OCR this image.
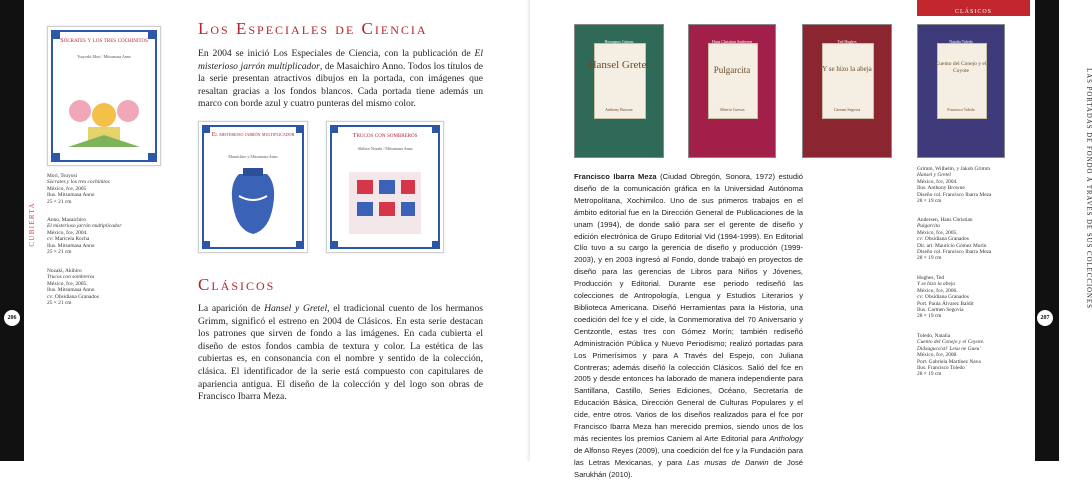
206	HISTORIA DE LA CUBIERTA
Sócrates y los tres cochinitos
Tsuyoshi Mori / Mitsumasa Anno
Mori, Tsuyosi
Sócrates y los tres cochinitos
México, fce, 2005
Ilus. Mitsumasa Anno
25 × 21 cm
Anno, Masaichiro
El misterioso jarrón multiplicador
México, fce, 2004.
cv: Maricela Rocha
Ilus. Mitsumasa Anno
25 × 21 cm
Nozaki, Akihiro
Trucos con sombreros
México, fce, 2005.
Ilus. Mitsumasa Anno
cv: Obsidiana Granados
25 × 21 cm
Los Especiales de Ciencia
En 2004 se inició Los Especiales de Ciencia, con la publicación de El misterioso jarrón multiplicador, de Masaichiro Anno. Todos los títulos de la serie presentan atractivos dibujos en la portada, con imágenes que resaltan gracias a los fondos blancos. Cada portada tiene además un marco con borde azul y cuatro punteras del mismo color.
El misterioso jarrón multiplicador
Masaichiro y Mitsumasa Anno
Trucos con sombreros
Akihiro Nozaki / Mitsumasa Anno
Clásicos
La aparición de Hansel y Gretel, el tradicional cuento de los hermanos Grimm, significó el estreno en 2004 de Clásicos. En esta serie destacan los patrones que sirven de fondo a las imágenes. En cada cubierta el diseño de estos fondos cambia de textura y color. La estética de las cubiertas es, en consonancia con el nombre y sentido de la colección, clásica. El identificador de la serie está compuesto con capitulares de apariencia antigua. El diseño de la colección y del logo son obras de Francisco Ibarra Meza.
207
LAS PORTADAS DE FONDO A TRAVÉS DE SUS COLECCIONES
clásicos
Hermanos Grimm
Hansel Gretel
Anthony Browne
Hans Christian Andersen
Pulgarcita
Alberto Cuevas
Ted Hughes
Y se hizo la abeja
Carmen Segovia
Natalia Toledo
Cuento del Conejo y el Coyote
Francisco Toledo
Francisco Ibarra Meza (Ciudad Obregón, Sonora, 1972) estudió diseño de la comunicación gráfica en la Universidad Autónoma Metropolitana, Xochimilco. Uno de sus primeros trabajos en el ámbito editorial fue en la Dirección General de Publicaciones de la unam (1994), de donde salió para ser el gerente de diseño y edición electrónica de Grupo Editorial Vid (1994-1999). En Editorial Clío tuvo a su cargo la gerencia de diseño y producción (1999-2003), y en 2003 ingresó al Fondo, donde trabajó en proyectos de diseño para las gerencias de Libros para Niños y Jóvenes, Producción y Editorial. Durante ese periodo rediseñó las colecciones de Antropología, Lengua y Estudios Literarios y Biblioteca Americana. Diseñó Herramientas para la Historia, una coedición del fce y el cide, la Conmemorativa del 70 Aniversario y Centzontle, estas tres con Gómez Morín; también rediseñó Administración Pública y Nuevo Periodismo; realizó portadas para Los Primerísimos y para A Través del Espejo, con Juliana Contreras; además diseñó la colección Clásicos. Salió del fce en 2005 y desde entonces ha laborado de manera independiente para Santillana, Castillo, Series Ediciones, Océano, Secretaría de Educación Básica, Dirección General de Culturas Populares y el cide, entre otros. Varios de los diseños realizados para el fce por Francisco Ibarra Meza han merecido premios, siendo unos de los más recientes los premios Caniem al Arte Editorial para Anthology de Alfonso Reyes (2009), una coedición del fce y la Fundación para las Letras Mexicanas, y para Las musas de Darwin de José Sarukhán (2010).
Grimm, Wilhelm, y Jakob Grimm
Hansel y Gretel
México, fce, 2004.
Ilus. Anthony Browne
Diseño col. Francisco Ibarra Meza
28 × 19 cm
Andersen, Hans Christian
Pulgarcita
México, fce, 2005.
cv: Obsidiana Granados
Dir. art. Mauricio Gómez Morín
Diseño col. Francisco Ibarra Meza
28 × 19 cm
Hughes, Ted
Y se hizo la abeja
México, fce, 2006.
cv: Obsidiana Granados
Port. Paula Álvarez Baldit
Ilus. Carmen Segovia
28 × 19 cm
Toledo, Natalia
Cuento del Conejo y el Coyote.
Didxaguca'sti' Lexu ne Gueu'
México, fce, 2008.
Port. Gabriela Martínez Nava
Ilus. Francisco Toledo
28 × 19 cm
